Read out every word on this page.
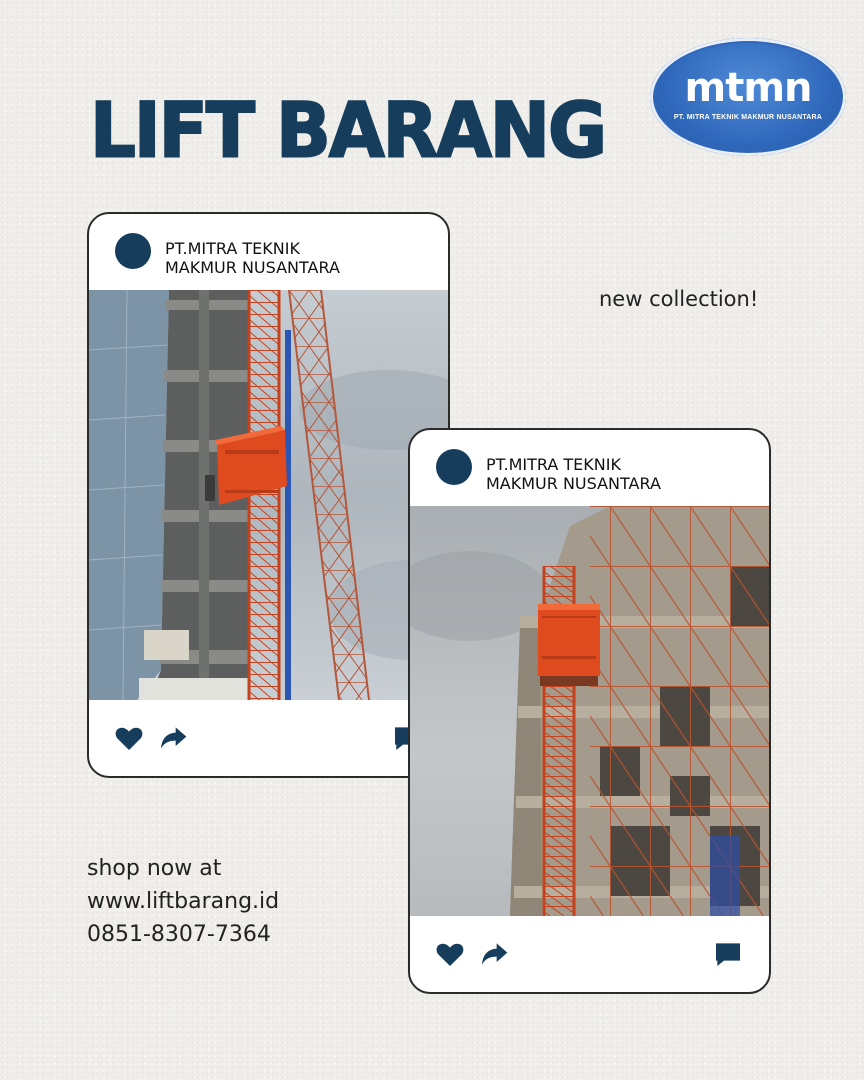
LIFT BARANG	mtmn
PT. MITRA TEKNIK MAKMUR NUSANTARA
new collection!
shop now at
www.liftbarang.id
0851-8307-7364
PT.MITRA TEKNIK
MAKMUR NUSANTARA
PT.MITRA TEKNIK
MAKMUR NUSANTARA
